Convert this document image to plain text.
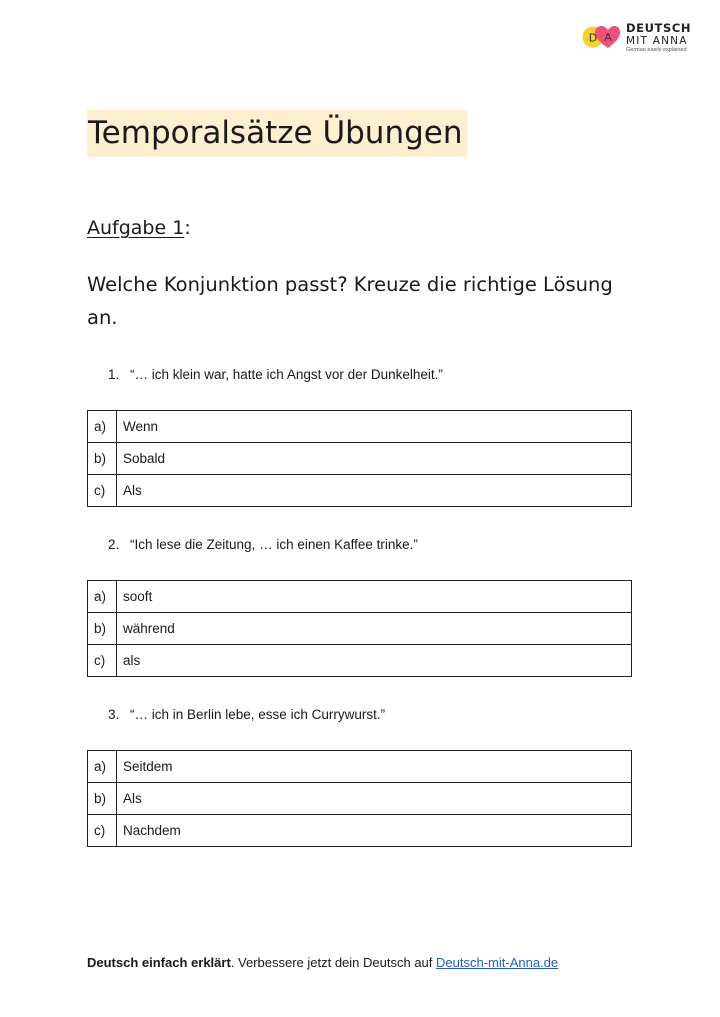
D A
DEUTSCH
MIT ANNA
German easily explained
Temporalsätze Übungen
Aufgabe 1:
Welche Konjunktion passt? Kreuze die richtige Lösung an.
1. “… ich klein war, hatte ich Angst vor der Dunkelheit.”
a)	Wenn
b)	Sobald
c)	Als
2. “Ich lese die Zeitung, … ich einen Kaffee trinke.”
a)	sooft
b)	während
c)	als
3. “… ich in Berlin lebe, esse ich Currywurst.”
a)	Seitdem
b)	Als
c)	Nachdem
Deutsch einfach erklärt. Verbessere jetzt dein Deutsch auf Deutsch-mit-Anna.de
